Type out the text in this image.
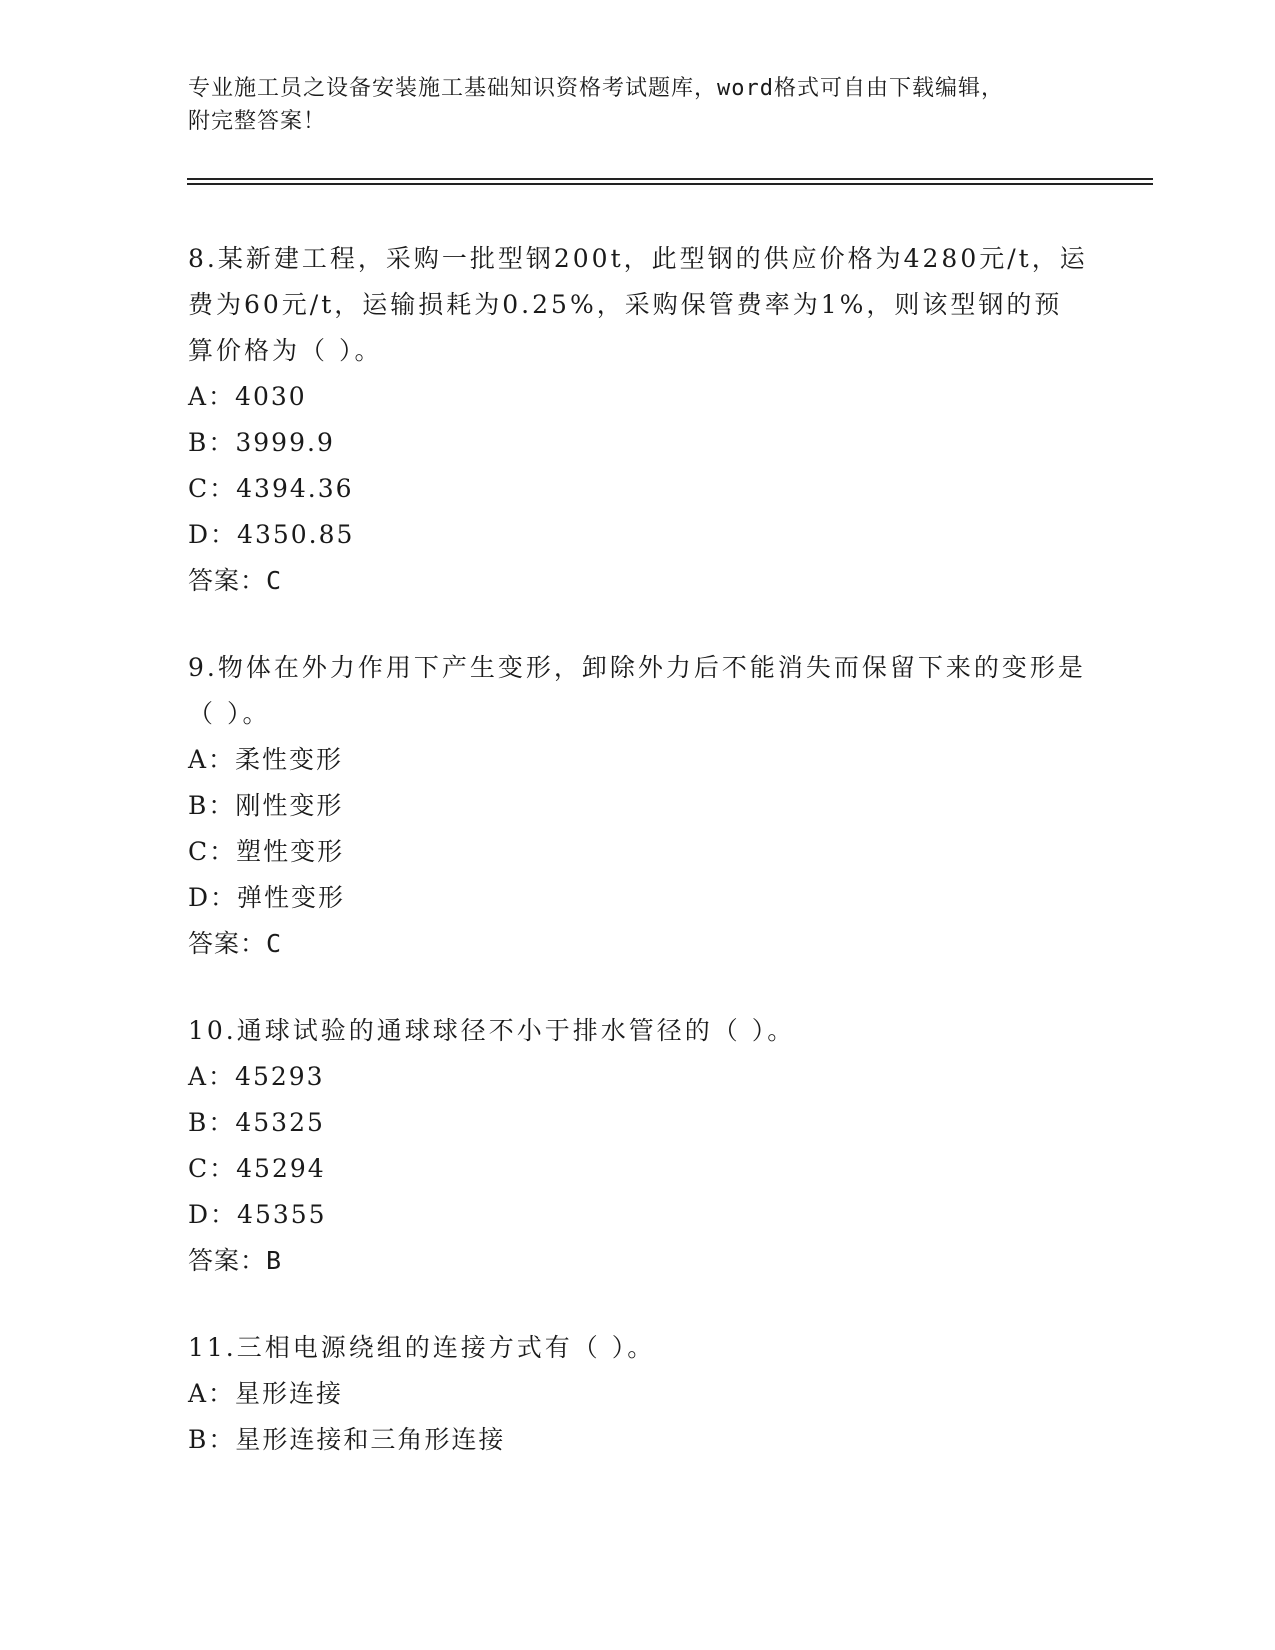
专业施工员之设备安装施工基础知识资格考试题库，word格式可自由下载编辑，
附完整答案！
8.某新建工程，采购一批型钢200t，此型钢的供应价格为4280元/t，运费为60元/t，运输损耗为0.25%，采购保管费率为1%，则该型钢的预算价格为（ ）。
A：4030
B：3999.9
C：4394.36
D：4350.85
答案：C
9.物体在外力作用下产生变形，卸除外力后不能消失而保留下来的变形是（ ）。
A：柔性变形
B：刚性变形
C：塑性变形
D：弹性变形
答案：C
10.通球试验的通球球径不小于排水管径的（ ）。
A：45293
B：45325
C：45294
D：45355
答案：B
11.三相电源绕组的连接方式有（ ）。
A：星形连接
B：星形连接和三角形连接
